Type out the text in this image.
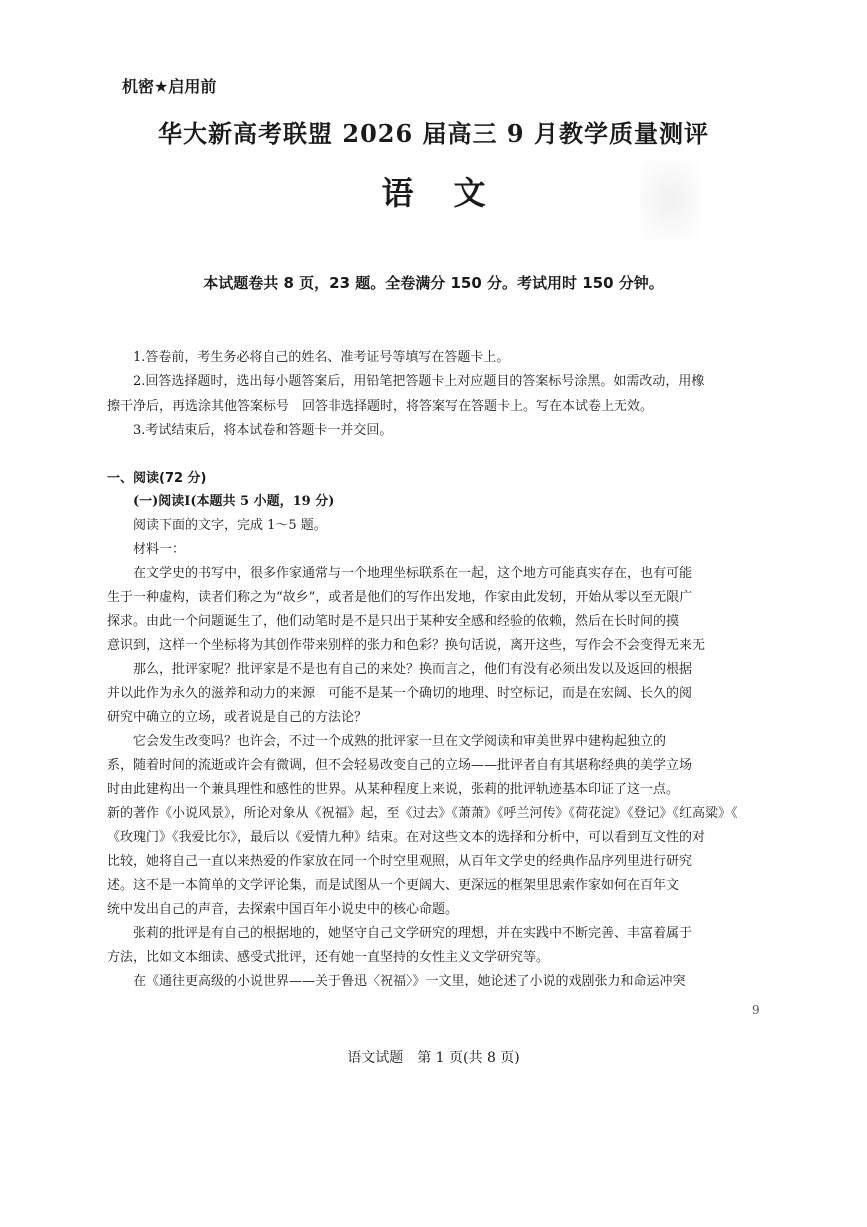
机密★启用前
华大新高考联盟 2026 届高三 9 月教学质量测评
语文
本试题卷共 8 页，23 题。全卷满分 150 分。考试用时 150 分钟。
1.答卷前，考生务必将自己的姓名、准考证号等填写在答题卡上。
2.回答选择题时，选出每小题答案后，用铅笔把答题卡上对应题目的答案标号涂黑。如需改动，用橡
擦干净后，再选涂其他答案标号　回答非选择题时，将答案写在答题卡上。写在本试卷上无效。
3.考试结束后，将本试卷和答题卡一并交回。
一、阅读(72 分)
(一)阅读Ⅰ(本题共 5 小题，19 分)
阅读下面的文字，完成 1～5 题。
材料一：
在文学史的书写中，很多作家通常与一个地理坐标联系在一起，这个地方可能真实存在，也有可能
生于一种虚构，读者们称之为“故乡”，或者是他们的写作出发地，作家由此发轫，开始从零以至无限广
探求。由此一个问题诞生了，他们动笔时是不是只出于某种安全感和经验的依赖，然后在长时间的摸
意识到，这样一个坐标将为其创作带来别样的张力和色彩？换句话说，离开这些，写作会不会变得无来无
那么，批评家呢？批评家是不是也有自己的来处？换而言之，他们有没有必须出发以及返回的根据
并以此作为永久的滋养和动力的来源　可能不是某一个确切的地理、时空标记，而是在宏阔、长久的阅
研究中确立的立场，或者说是自己的方法论？
它会发生改变吗？也许会，不过一个成熟的批评家一旦在文学阅读和审美世界中建构起独立的
系，随着时间的流逝或许会有微调，但不会轻易改变自己的立场——批评者自有其堪称经典的美学立场
时由此建构出一个兼具理性和感性的世界。从某种程度上来说，张莉的批评轨迹基本印证了这一点。
新的著作《小说风景》，所论对象从《祝福》起，至《过去》《萧萧》《呼兰河传》《荷花淀》《登记》《红高粱》《
《玫瑰门》《我爱比尔》，最后以《爱情九种》结束。在对这些文本的选择和分析中，可以看到互文性的对
比较，她将自己一直以来热爱的作家放在同一个时空里观照，从百年文学史的经典作品序列里进行研究
述。这不是一本简单的文学评论集，而是试图从一个更阔大、更深远的框架里思索作家如何在百年文
统中发出自己的声音，去探索中国百年小说史中的核心命题。
张莉的批评是有自己的根据地的，她坚守自己文学研究的理想，并在实践中不断完善、丰富着属于
方法，比如文本细读、感受式批评，还有她一直坚持的女性主义文学研究等。
在《通往更高级的小说世界——关于鲁迅〈祝福〉》一文里，她论述了小说的戏剧张力和命运冲突
9
语文试题　第 1 页(共 8 页)
